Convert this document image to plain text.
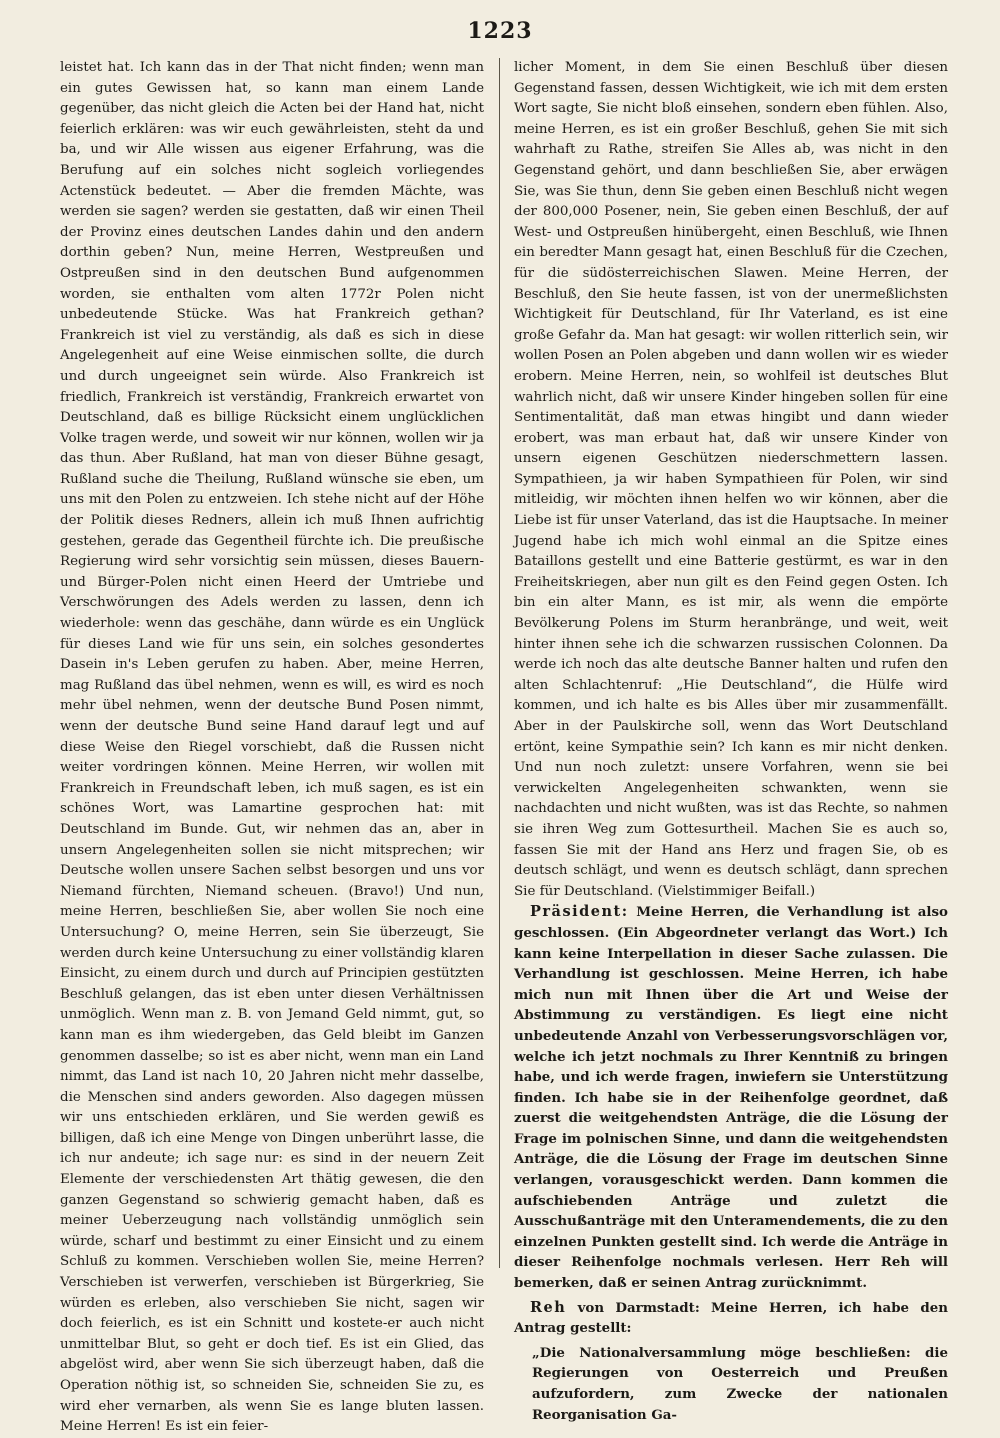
1223

leistet hat. Ich kann das in der That nicht finden; wenn man ein gutes Gewissen hat, so kann man einem Lande gegenüber, das nicht gleich die Acten bei der Hand hat, nicht feierlich erklären: was wir euch gewährleisten, steht da und ba, und wir Alle wissen aus eigener Erfahrung, was die Berufung auf ein solches nicht sogleich vorliegendes Actenstück bedeutet. — Aber die fremden Mächte, was werden sie sagen? werden sie gestatten, daß wir einen Theil der Provinz eines deutschen Landes dahin und den andern dorthin geben? Nun, meine Herren, Westpreußen und Ostpreußen sind in den deutschen Bund aufgenommen worden, sie enthalten vom alten 1772r Polen nicht unbedeutende Stücke. Was hat Frankreich gethan? Frankreich ist viel zu verständig, als daß es sich in diese Angelegenheit auf eine Weise einmischen sollte, die durch und durch ungeeignet sein würde. Also Frankreich ist friedlich, Frankreich ist verständig, Frankreich erwartet von Deutschland, daß es billige Rücksicht einem unglücklichen Volke tragen werde, und soweit wir nur können, wollen wir ja das thun. Aber Rußland, hat man von dieser Bühne gesagt, Rußland suche die Theilung, Rußland wünsche sie eben, um uns mit den Polen zu entzweien. Ich stehe nicht auf der Höhe der Politik dieses Redners, allein ich muß Ihnen aufrichtig gestehen, gerade das Gegentheil fürchte ich. Die preußische Regierung wird sehr vorsichtig sein müssen, dieses Bauern- und Bürger-Polen nicht einen Heerd der Umtriebe und Verschwörungen des Adels werden zu lassen, denn ich wiederhole: wenn das geschähe, dann würde es ein Unglück für dieses Land wie für uns sein, ein solches gesondertes Dasein in's Leben gerufen zu haben. Aber, meine Herren, mag Rußland das übel nehmen, wenn es will, es wird es noch mehr übel nehmen, wenn der deutsche Bund Posen nimmt, wenn der deutsche Bund seine Hand darauf legt und auf diese Weise den Riegel vorschiebt, daß die Russen nicht weiter vordringen können. Meine Herren, wir wollen mit Frankreich in Freundschaft leben, ich muß sagen, es ist ein schönes Wort, was Lamartine gesprochen hat: mit Deutschland im Bunde. Gut, wir nehmen das an, aber in unsern Angelegenheiten sollen sie nicht mitsprechen; wir Deutsche wollen unsere Sachen selbst besorgen und uns vor Niemand fürchten, Niemand scheuen. (Bravo!) Und nun, meine Herren, beschließen Sie, aber wollen Sie noch eine Untersuchung? O, meine Herren, sein Sie überzeugt, Sie werden durch keine Untersuchung zu einer vollständig klaren Einsicht, zu einem durch und durch auf Principien gestützten Beschluß gelangen, das ist eben unter diesen Verhältnissen unmöglich. Wenn man z. B. von Jemand Geld nimmt, gut, so kann man es ihm wiedergeben, das Geld bleibt im Ganzen genommen dasselbe; so ist es aber nicht, wenn man ein Land nimmt, das Land ist nach 10, 20 Jahren nicht mehr dasselbe, die Menschen sind anders geworden. Also dagegen müssen wir uns entschieden erklären, und Sie werden gewiß es billigen, daß ich eine Menge von Dingen unberührt lasse, die ich nur andeute; ich sage nur: es sind in der neuern Zeit Elemente der verschiedensten Art thätig gewesen, die den ganzen Gegenstand so schwierig gemacht haben, daß es meiner Ueberzeugung nach vollständig unmöglich sein würde, scharf und bestimmt zu einer Einsicht und zu einem Schluß zu kommen. Verschieben wollen Sie, meine Herren? Verschieben ist verwerfen, verschieben ist Bürgerkrieg, Sie würden es erleben, also verschieben Sie nicht, sagen wir doch feierlich, es ist ein Schnitt und kostete-er auch nicht unmittelbar Blut, so geht er doch tief. Es ist ein Glied, das abgelöst wird, aber wenn Sie sich überzeugt haben, daß die Operation nöthig ist, so schneiden Sie, schneiden Sie zu, es wird eher vernarben, als wenn Sie es lange bluten lassen. Meine Herren! Es ist ein feier-

licher Moment, in dem Sie einen Beschluß über diesen Gegenstand fassen, dessen Wichtigkeit, wie ich mit dem ersten Wort sagte, Sie nicht bloß einsehen, sondern eben fühlen. Also, meine Herren, es ist ein großer Beschluß, gehen Sie mit sich wahrhaft zu Rathe, streifen Sie Alles ab, was nicht in den Gegenstand gehört, und dann beschließen Sie, aber erwägen Sie, was Sie thun, denn Sie geben einen Beschluß nicht wegen der 800,000 Posener, nein, Sie geben einen Beschluß, der auf West- und Ostpreußen hinübergeht, einen Beschluß, wie Ihnen ein beredter Mann gesagt hat, einen Beschluß für die Czechen, für die südösterreichischen Slawen. Meine Herren, der Beschluß, den Sie heute fassen, ist von der unermeßlichsten Wichtigkeit für Deutschland, für Ihr Vaterland, es ist eine große Gefahr da. Man hat gesagt: wir wollen ritterlich sein, wir wollen Posen an Polen abgeben und dann wollen wir es wieder erobern. Meine Herren, nein, so wohlfeil ist deutsches Blut wahrlich nicht, daß wir unsere Kinder hingeben sollen für eine Sentimentalität, daß man etwas hingibt und dann wieder erobert, was man erbaut hat, daß wir unsere Kinder von unsern eigenen Geschützen niederschmettern lassen. Sympathieen, ja wir haben Sympathieen für Polen, wir sind mitleidig, wir möchten ihnen helfen wo wir können, aber die Liebe ist für unser Vaterland, das ist die Hauptsache. In meiner Jugend habe ich mich wohl einmal an die Spitze eines Bataillons gestellt und eine Batterie gestürmt, es war in den Freiheitskriegen, aber nun gilt es den Feind gegen Osten. Ich bin ein alter Mann, es ist mir, als wenn die empörte Bevölkerung Polens im Sturm heranbränge, und weit, weit hinter ihnen sehe ich die schwarzen russischen Colonnen. Da werde ich noch das alte deutsche Banner halten und rufen den alten Schlachtenruf: „Hie Deutschland“, die Hülfe wird kommen, und ich halte es bis Alles über mir zusammenfällt. Aber in der Paulskirche soll, wenn das Wort Deutschland ertönt, keine Sympathie sein? Ich kann es mir nicht denken. Und nun noch zuletzt: unsere Vorfahren, wenn sie bei verwickelten Angelegenheiten schwankten, wenn sie nachdachten und nicht wußten, was ist das Rechte, so nahmen sie ihren Weg zum Gottesurtheil. Machen Sie es auch so, fassen Sie mit der Hand ans Herz und fragen Sie, ob es deutsch schlägt, und wenn es deutsch schlägt, dann sprechen Sie für Deutschland. (Vielstimmiger Beifall.)

Präsident: Meine Herren, die Verhandlung ist also geschlossen. (Ein Abgeordneter verlangt das Wort.) Ich kann keine Interpellation in dieser Sache zulassen. Die Verhandlung ist geschlossen. Meine Herren, ich habe mich nun mit Ihnen über die Art und Weise der Abstimmung zu verständigen. Es liegt eine nicht unbedeutende Anzahl von Verbesserungsvorschlägen vor, welche ich jetzt nochmals zu Ihrer Kenntniß zu bringen habe, und ich werde fragen, inwiefern sie Unterstützung finden. Ich habe sie in der Reihenfolge geordnet, daß zuerst die weitgehendsten Anträge, die die Lösung der Frage im polnischen Sinne, und dann die weitgehendsten Anträge, die die Lösung der Frage im deutschen Sinne verlangen, vorausgeschickt werden. Dann kommen die aufschiebenden Anträge und zuletzt die Ausschußanträge mit den Unteramendements, die zu den einzelnen Punkten gestellt sind. Ich werde die Anträge in dieser Reihenfolge nochmals verlesen. Herr Reh will bemerken, daß er seinen Antrag zurücknimmt.

Reh von Darmstadt: Meine Herren, ich habe den Antrag gestellt:

„Die Nationalversammlung möge beschließen: die Regierungen von Oesterreich und Preußen aufzufordern, zum Zwecke der nationalen Reorganisation Ga-
